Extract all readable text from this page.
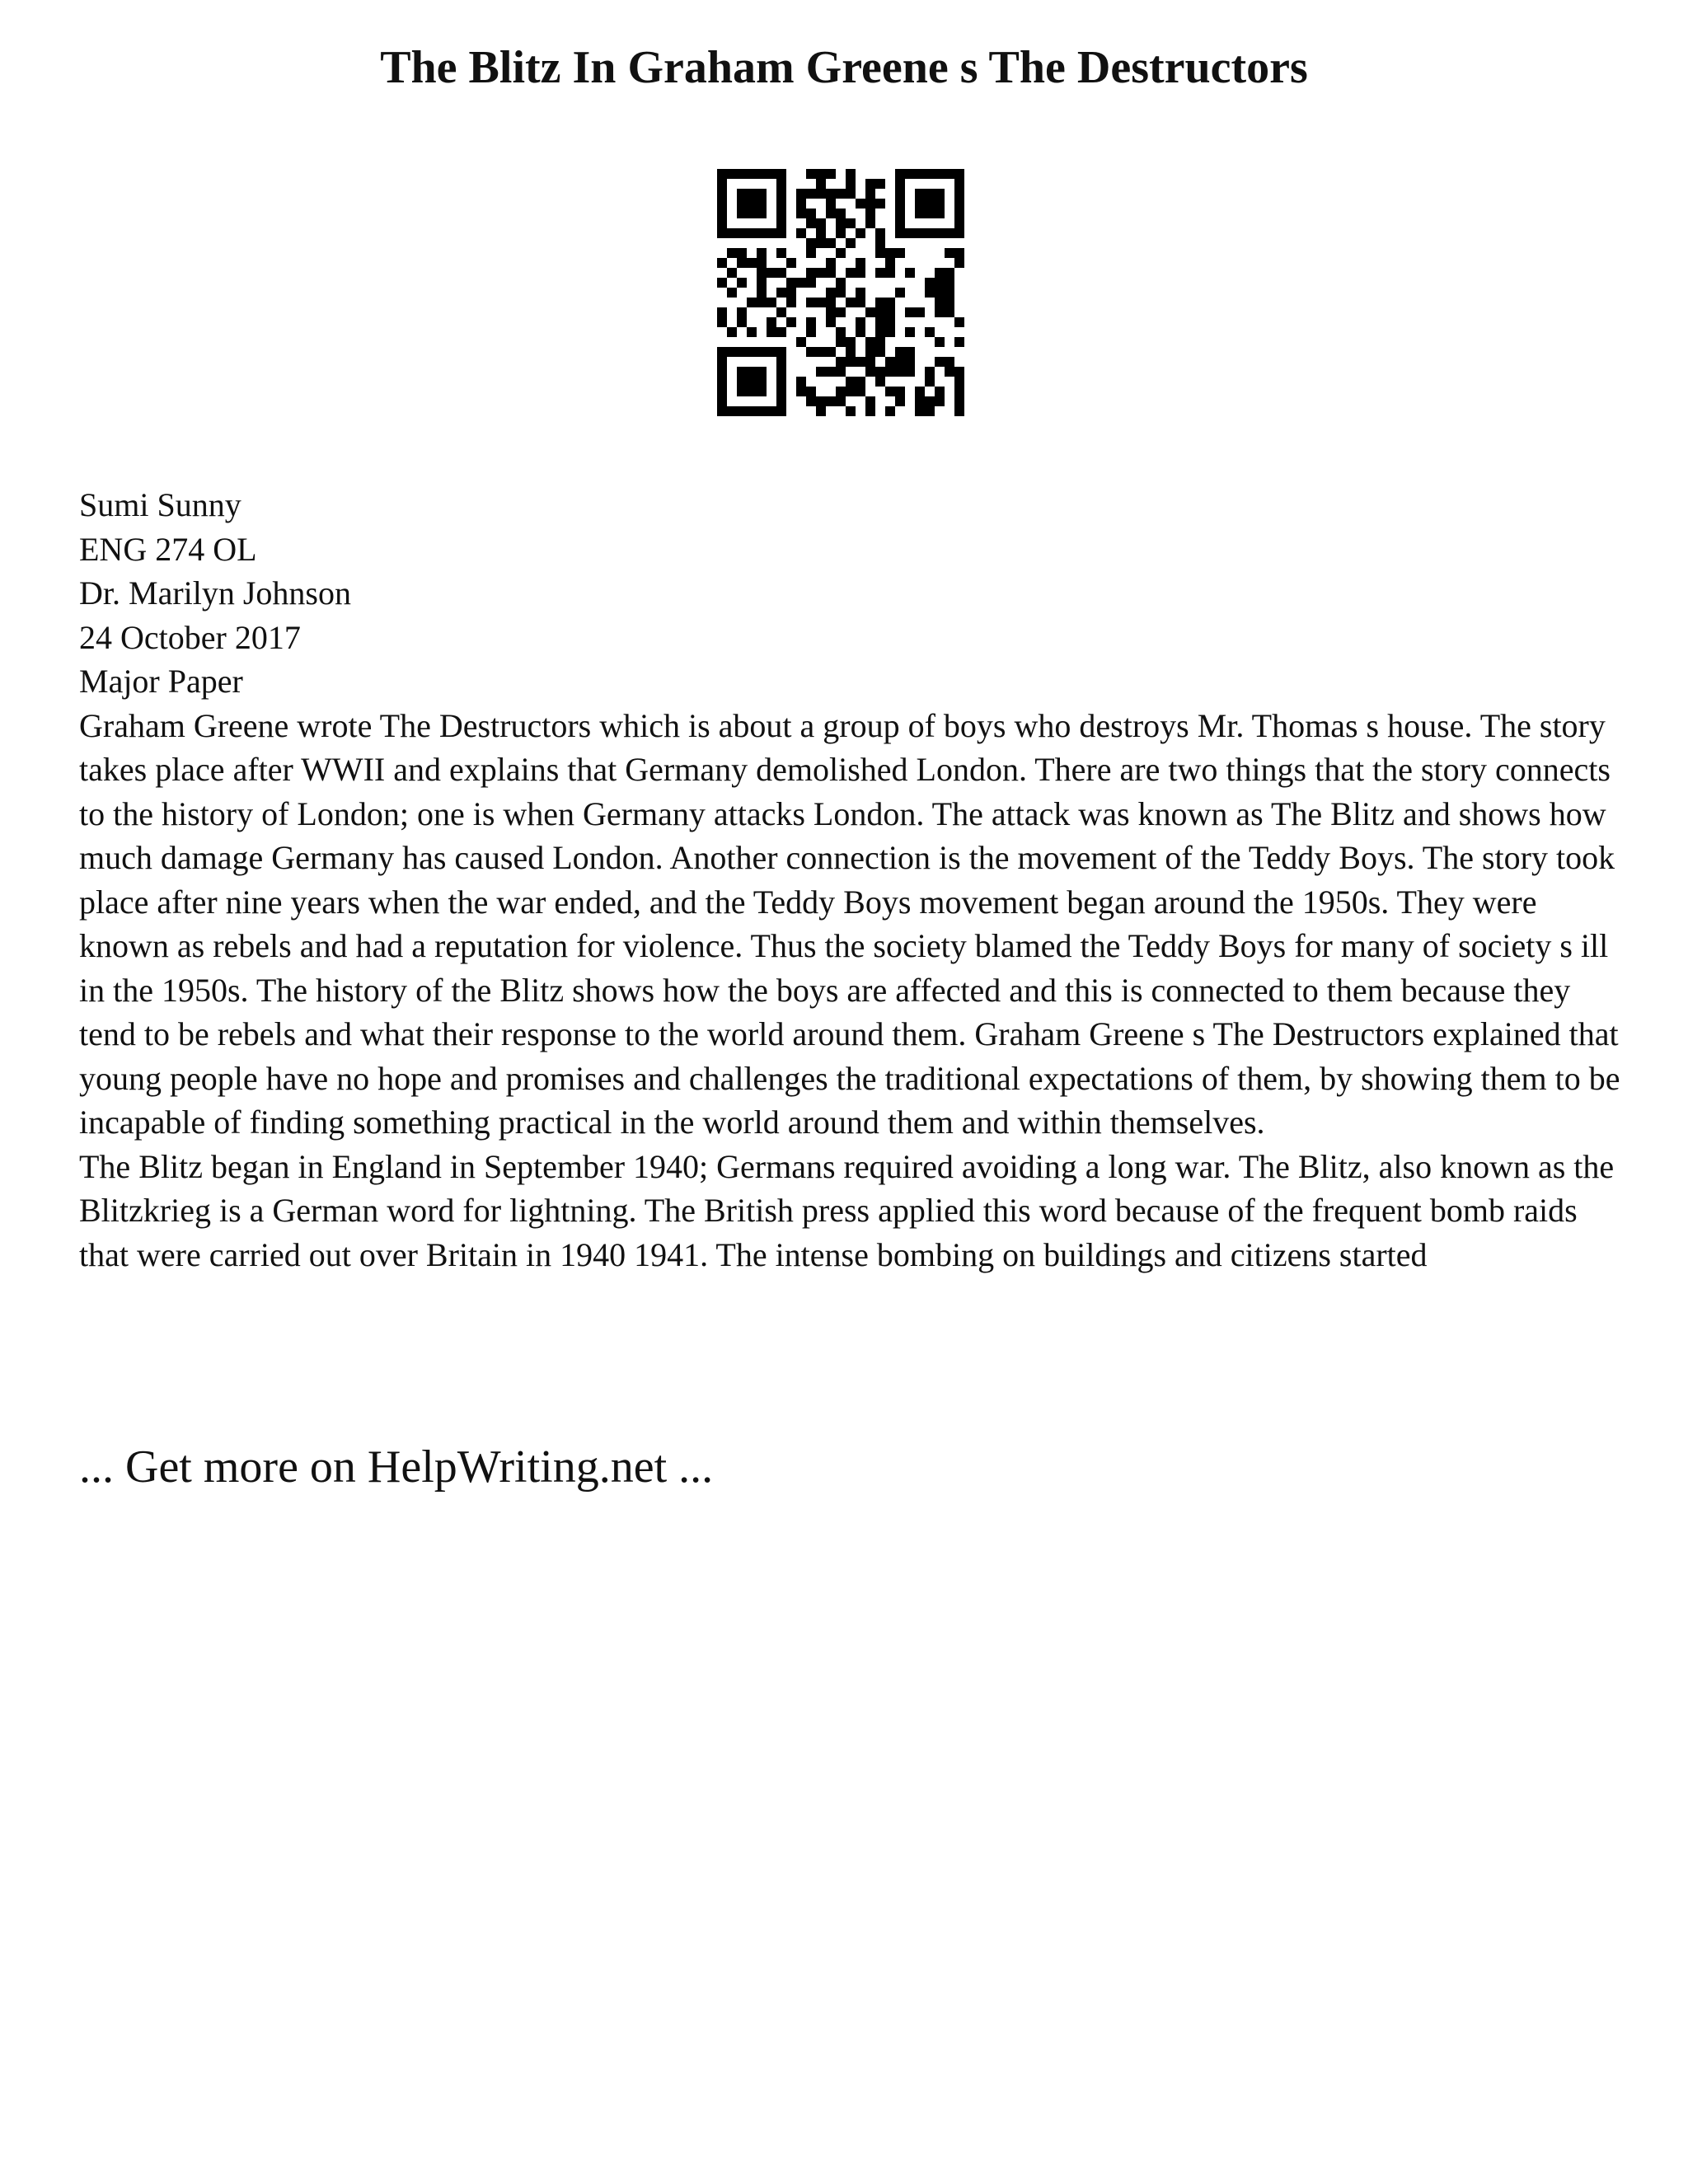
The Blitz In Graham Greene s The Destructors

Sumi Sunny

ENG 274 OL

Dr. Marilyn Johnson

24 October 2017

Major Paper

Graham Greene wrote The Destructors which is about a group of boys who destroys Mr. Thomas s house. The story takes place after WWII and explains that Germany demolished London. There are two things that the story connects to the history of London; one is when Germany attacks London. The attack was known as The Blitz and shows how much damage Germany has caused London. Another connection is the movement of the Teddy Boys. The story took place after nine years when the war ended, and the Teddy Boys movement began around the 1950s. They were known as rebels and had a reputation for violence. Thus the society blamed the Teddy Boys for many of society s ill in the 1950s. The history of the Blitz shows how the boys are affected and this is connected to them because they tend to be rebels and what their response to the world around them. Graham Greene s The Destructors explained that young people have no hope and promises and challenges the traditional expectations of them, by showing them to be incapable of finding something practical in the world around them and within themselves.

The Blitz began in England in September 1940; Germans required avoiding a long war. The Blitz, also known as the Blitzkrieg is a German word for lightning. The British press applied this word because of the frequent bomb raids that were carried out over Britain in 1940 1941. The intense bombing on buildings and citizens started

... Get more on HelpWriting.net ...
